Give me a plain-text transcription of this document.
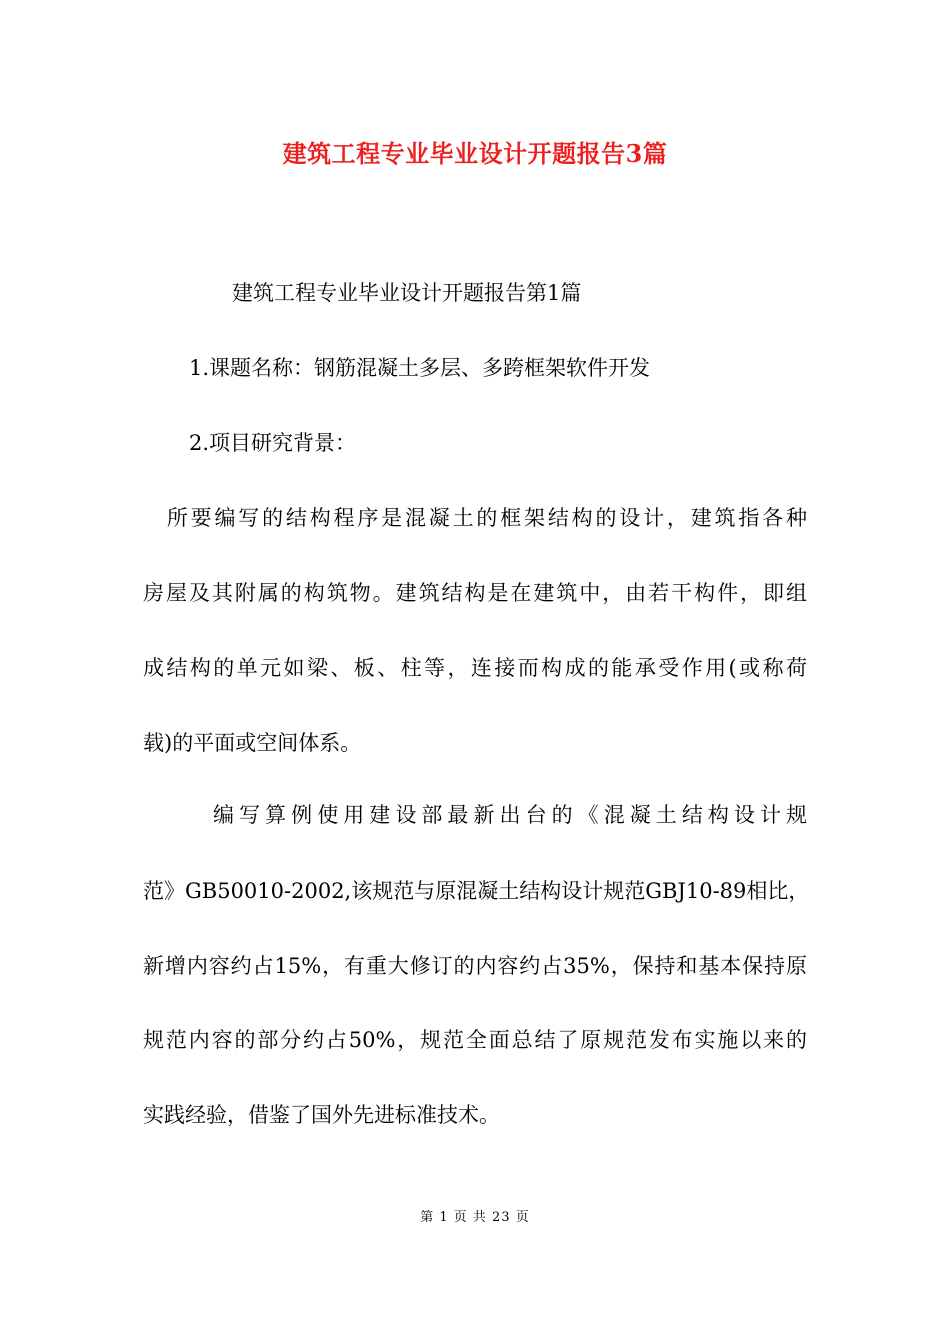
建筑工程专业毕业设计开题报告3篇
建筑工程专业毕业设计开题报告第1篇
1.课题名称：钢筋混凝土多层、多跨框架软件开发
2.项目研究背景：
　所要编写的结构程序是混凝土的框架结构的设计，建筑指各种
房屋及其附属的构筑物。建筑结构是在建筑中，由若干构件，即组
成结构的单元如梁、板、柱等，连接而构成的能承受作用(或称荷
载)的平面或空间体系。
　编写算例使用建设部最新出台的《混凝土结构设计规
范》GB50010-2002,该规范与原混凝土结构设计规范GBJ10-89相比，
新增内容约占15%，有重大修订的内容约占35%，保持和基本保持原
规范内容的部分约占50%，规范全面总结了原规范发布实施以来的
实践经验，借鉴了国外先进标准技术。
第 1 页 共 23 页
